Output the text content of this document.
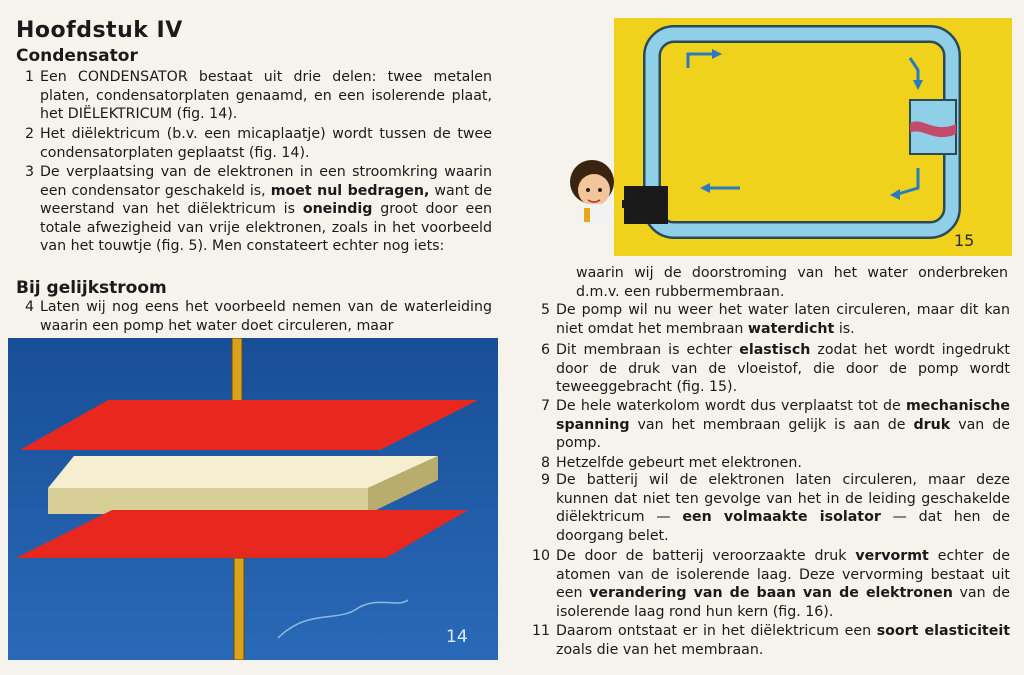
Hoofdstuk IV
Condensator
1 Een CONDENSATOR bestaat uit drie delen: twee metalen platen, condensatorplaten genaamd, en een isolerende plaat, het DIËLEKTRICUM (fig. 14).
2 Het diëlektricum (b.v. een micaplaatje) wordt tussen de twee condensatorplaten geplaatst (fig. 14).
3 De verplaatsing van de elektronen in een stroomkring waarin een condensator geschakeld is, moet nul bedragen, want de weerstand van het diëlektricum is oneindig groot door een totale afwezigheid van vrije elektronen, zoals in het voorbeeld van het touwtje (fig. 5). Men constateert echter nog iets:
Bij gelijkstroom
4 Laten wij nog eens het voorbeeld nemen van de waterleiding waarin een pomp het water doet circuleren, maar
14
15
waarin wij de doorstroming van het water onderbreken d.m.v. een rubbermembraan.
5 De pomp wil nu weer het water laten circuleren, maar dit kan niet omdat het membraan waterdicht is.
6 Dit membraan is echter elastisch zodat het wordt ingedrukt door de druk van de vloeistof, die door de pomp wordt teweeggebracht (fig. 15).
7 De hele waterkolom wordt dus verplaatst tot de mechanische spanning van het membraan gelijk is aan de druk van de pomp.
8 Hetzelfde gebeurt met elektronen.
9 De batterij wil de elektronen laten circuleren, maar deze kunnen dat niet ten gevolge van het in de leiding geschakelde diëlektricum — een volmaakte isolator — dat hen de doorgang belet.
10 De door de batterij veroorzaakte druk vervormt echter de atomen van de isolerende laag. Deze vervorming bestaat uit een verandering van de baan van de elektronen van de isolerende laag rond hun kern (fig. 16).
11 Daarom ontstaat er in het diëlektricum een soort elasticiteit zoals die van het membraan.
